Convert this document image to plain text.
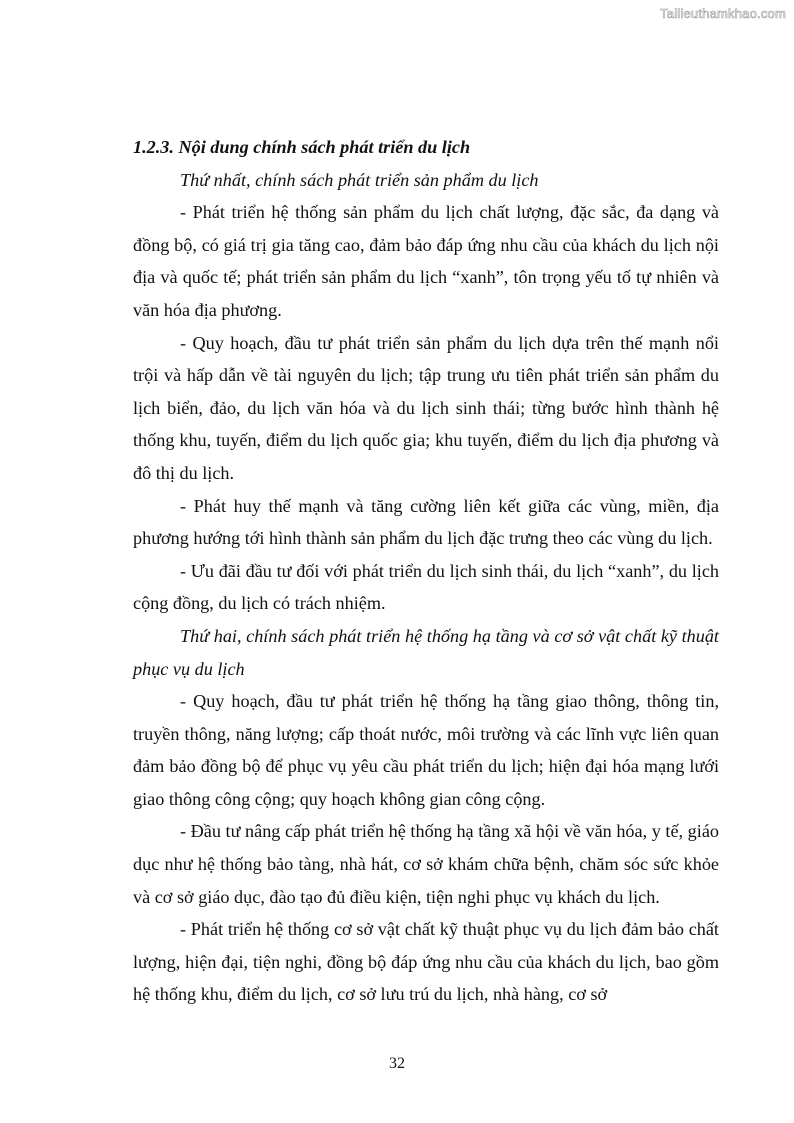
Tailieuthamkhao.com

1.2.3. Nội dung chính sách phát triển du lịch

Thứ nhất, chính sách phát triển sản phẩm du lịch

- Phát triển hệ thống sản phẩm du lịch chất lượng, đặc sắc, đa dạng và đồng bộ, có giá trị gia tăng cao, đảm bảo đáp ứng nhu cầu của khách du lịch nội địa và quốc tế; phát triển sản phẩm du lịch “xanh”, tôn trọng yếu tố tự nhiên và văn hóa địa phương.

- Quy hoạch, đầu tư phát triển sản phẩm du lịch dựa trên thế mạnh nổi trội và hấp dẫn về tài nguyên du lịch; tập trung ưu tiên phát triển sản phẩm du lịch biển, đảo, du lịch văn hóa và du lịch sinh thái; từng bước hình thành hệ thống khu, tuyến, điểm du lịch quốc gia; khu tuyến, điểm du lịch địa phương và đô thị du lịch.

- Phát huy thế mạnh và tăng cường liên kết giữa các vùng, miền, địa phương hướng tới hình thành sản phẩm du lịch đặc trưng theo các vùng du lịch.

- Ưu đãi đầu tư đối với phát triển du lịch sinh thái, du lịch “xanh”, du lịch cộng đồng, du lịch có trách nhiệm.

Thứ hai, chính sách phát triển hệ thống hạ tầng và cơ sở vật chất kỹ thuật phục vụ du lịch

- Quy hoạch, đầu tư phát triển hệ thống hạ tầng giao thông, thông tin, truyền thông, năng lượng; cấp thoát nước, môi trường và các lĩnh vực liên quan đảm bảo đồng bộ để phục vụ yêu cầu phát triển du lịch; hiện đại hóa mạng lưới giao thông công cộng; quy hoạch không gian công cộng.

- Đầu tư nâng cấp phát triển hệ thống hạ tầng xã hội về văn hóa, y tế, giáo dục như hệ thống bảo tàng, nhà hát, cơ sở khám chữa bệnh, chăm sóc sức khỏe và cơ sở giáo dục, đào tạo đủ điều kiện, tiện nghi phục vụ khách du lịch.

- Phát triển hệ thống cơ sở vật chất kỹ thuật phục vụ du lịch đảm bảo chất lượng, hiện đại, tiện nghi, đồng bộ đáp ứng nhu cầu của khách du lịch, bao gồm hệ thống khu, điểm du lịch, cơ sở lưu trú du lịch, nhà hàng, cơ sở

32
